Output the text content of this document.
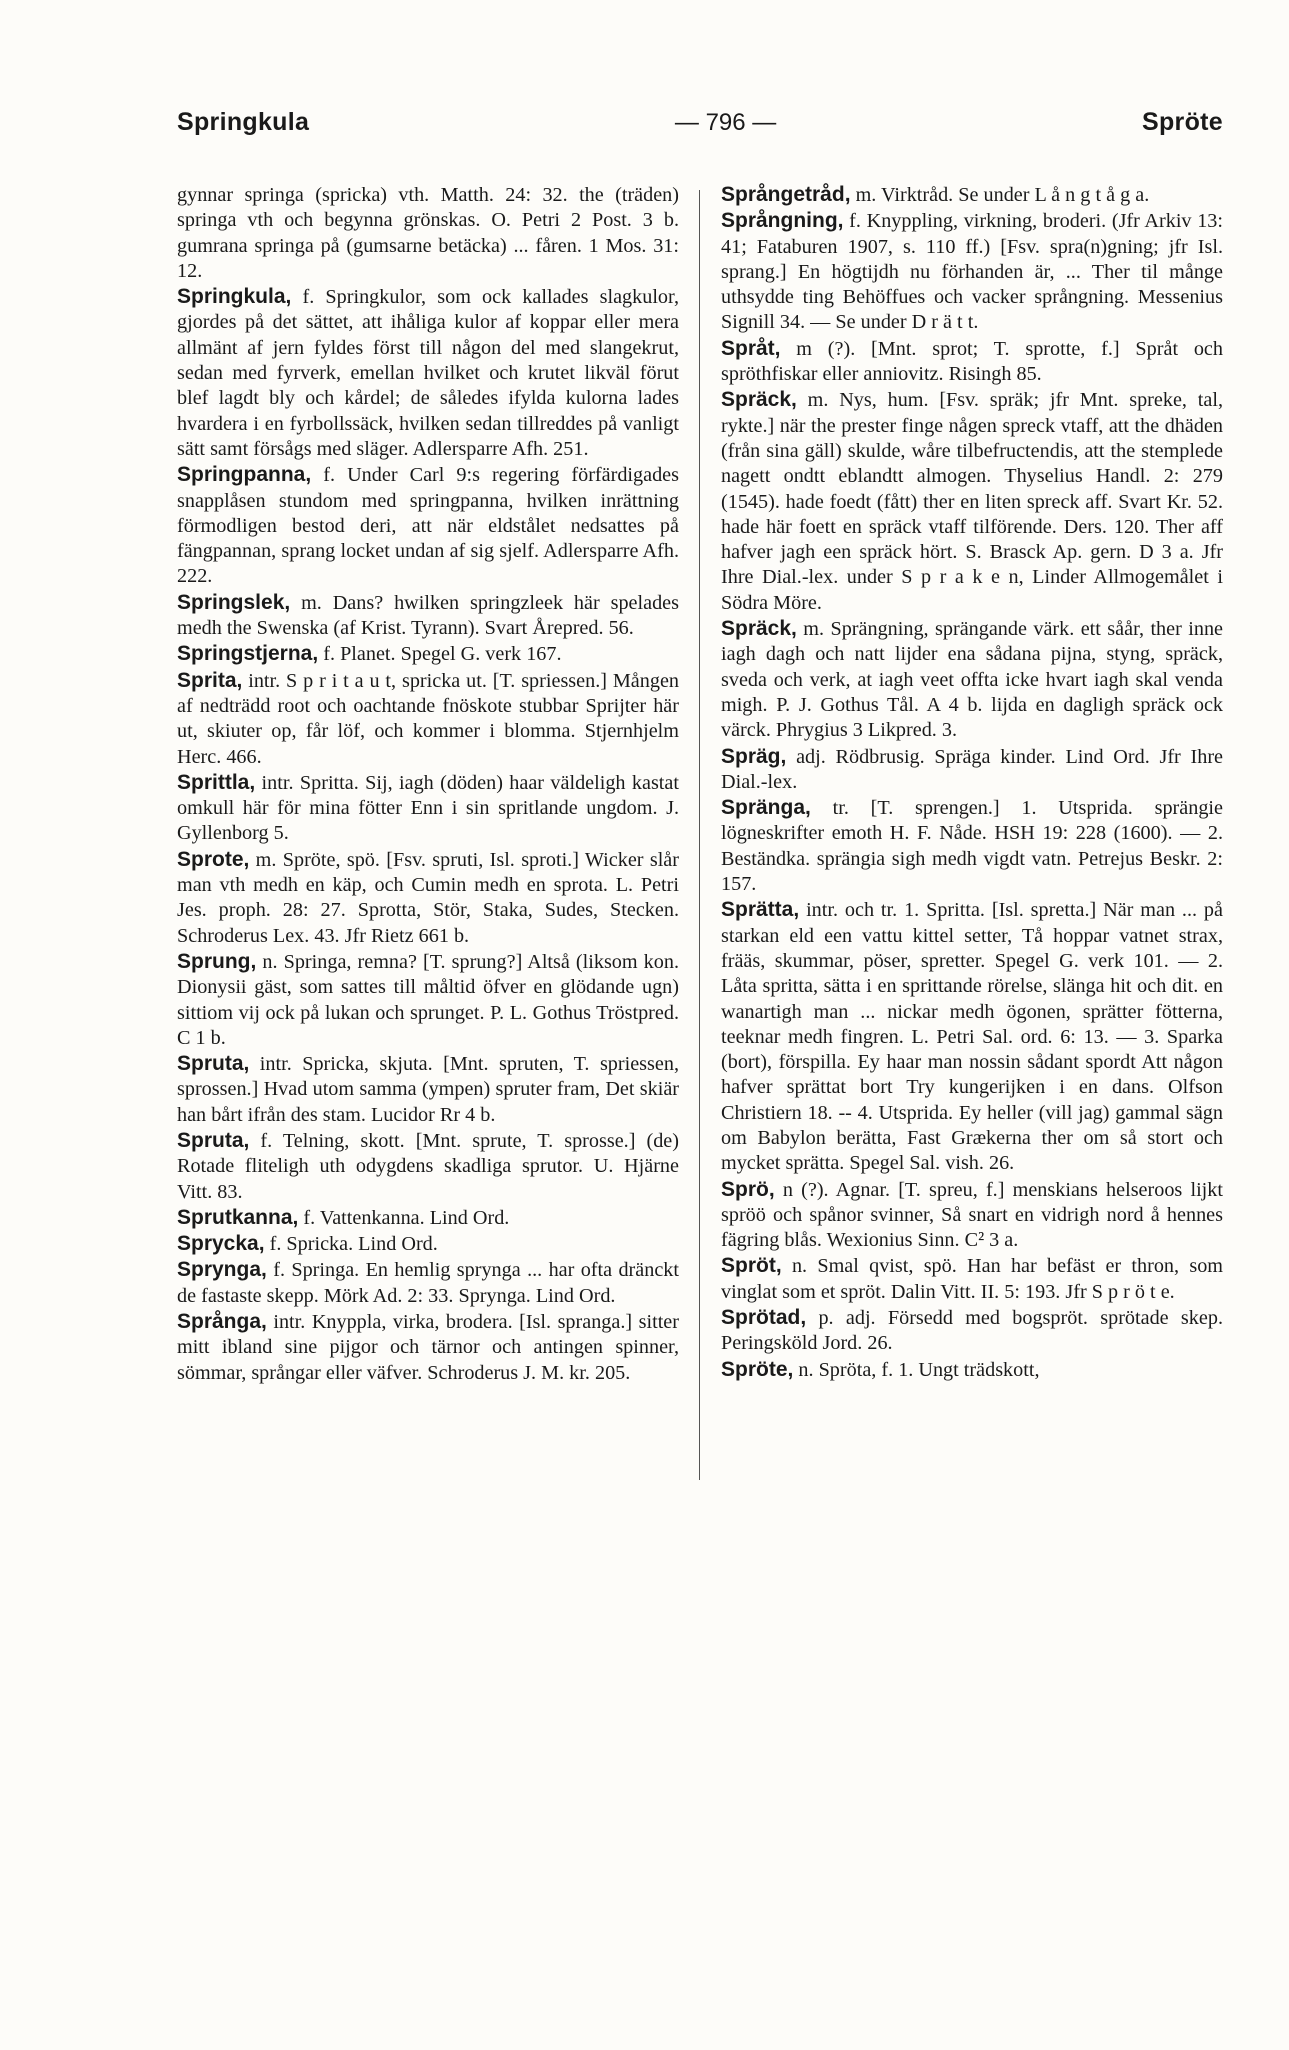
Springkula	— 796 —	Spröte

gynnar springa (spricka) vth. Matth. 24: 32. the (träden) springa vth och begynna grönskas. O. Petri 2 Post. 3 b. gumrana springa på (gumsarne betäcka) ... fåren. 1 Mos. 31: 12.

Springkula, f. Springkulor, som ock kallades slagkulor, gjordes på det sättet, att ihåliga kulor af koppar eller mera allmänt af jern fyldes först till någon del med slangekrut, sedan med fyrverk, emellan hvilket och krutet likväl förut blef lagdt bly och kårdel; de således ifylda kulorna lades hvardera i en fyrbollssäck, hvilken sedan tillreddes på vanligt sätt samt försågs med släger. Adlersparre Afh. 251.

Springpanna, f. Under Carl 9:s regering förfärdigades snapplåsen stundom med springpanna, hvilken inrättning förmodligen bestod deri, att när eldstålet nedsattes på fängpannan, sprang locket undan af sig sjelf. Adlersparre Afh. 222.

Springslek, m. Dans? hwilken springzleek här spelades medh the Swenska (af Krist. Tyrann). Svart Årepred. 56.

Springstjerna, f. Planet. Spegel G. verk 167.

Sprita, intr. S p r i t a u t, spricka ut. [T. spriessen.] Mången af nedträdd root och oachtande fnöskote stubbar Sprijter här ut, skiuter op, får löf, och kommer i blomma. Stjernhjelm Herc. 466.

Sprittla, intr. Spritta. Sij, iagh (döden) haar väldeligh kastat omkull här för mina fötter Enn i sin spritlande ungdom. J. Gyllenborg 5.

Sprote, m. Spröte, spö. [Fsv. spruti, Isl. sproti.] Wicker slår man vth medh en käp, och Cumin medh en sprota. L. Petri Jes. proph. 28: 27. Sprotta, Stör, Staka, Sudes, Stecken. Schroderus Lex. 43. Jfr Rietz 661 b.

Sprung, n. Springa, remna? [T. sprung?] Altså (liksom kon. Dionysii gäst, som sattes till måltid öfver en glödande ugn) sittiom vij ock på lukan och sprunget. P. L. Gothus Tröstpred. C 1 b.

Spruta, intr. Spricka, skjuta. [Mnt. spruten, T. spriessen, sprossen.] Hvad utom samma (ympen) spruter fram, Det skiär han bårt ifrån des stam. Lucidor Rr 4 b.

Spruta, f. Telning, skott. [Mnt. sprute, T. sprosse.] (de) Rotade fliteligh uth odygdens skadliga sprutor. U. Hjärne Vitt. 83.

Sprutkanna, f. Vattenkanna. Lind Ord.

Sprycka, f. Spricka. Lind Ord.

Sprynga, f. Springa. En hemlig sprynga ... har ofta dränckt de fastaste skepp. Mörk Ad. 2: 33. Sprynga. Lind Ord.

Språnga, intr. Knyppla, virka, brodera. [Isl. spranga.] sitter mitt ibland sine pijgor och tärnor och antingen spinner, sömmar, språngar eller väfver. Schroderus J. M. kr. 205.

Språngetråd, m. Virktråd. Se under L å n g t å g a.

Språngning, f. Knyppling, virkning, broderi. (Jfr Arkiv 13: 41; Fataburen 1907, s. 110 ff.) [Fsv. spra(n)gning; jfr Isl. sprang.] En högtijdh nu förhanden är, ... Ther til månge uthsydde ting Behöffues och vacker språngning. Messenius Signill 34. — Se under D r ä t t.

Språt, m (?). [Mnt. sprot; T. sprotte, f.] Språt och spröthfiskar eller anniovitz. Risingh 85.

Spräck, m. Nys, hum. [Fsv. spräk; jfr Mnt. spreke, tal, rykte.] när the prester finge någen spreck vtaff, att the dhäden (från sina gäll) skulde, wåre tilbefructendis, att the stemplede nagett ondtt eblandtt almogen. Thyselius Handl. 2: 279 (1545). hade foedt (fått) ther en liten spreck aff. Svart Kr. 52. hade här foett en spräck vtaff tilförende. Ders. 120. Ther aff hafver jagh een spräck hört. S. Brasck Ap. gern. D 3 a. Jfr Ihre Dial.-lex. under S p r a k e n, Linder Allmogemålet i Södra Möre.

Spräck, m. Sprängning, sprängande värk. ett såår, ther inne iagh dagh och natt lijder ena sådana pijna, styng, spräck, sveda och verk, at iagh veet offta icke hvart iagh skal venda migh. P. J. Gothus Tål. A 4 b. lijda en dagligh spräck ock värck. Phrygius 3 Likpred. 3.

Spräg, adj. Rödbrusig. Spräga kinder. Lind Ord. Jfr Ihre Dial.-lex.

Spränga, tr. [T. sprengen.] 1. Utsprida. sprängie lögneskrifter emoth H. F. Nåde. HSH 19: 228 (1600). — 2. Beständka. sprängia sigh medh vigdt vatn. Petrejus Beskr. 2: 157.

Sprätta, intr. och tr. 1. Spritta. [Isl. spretta.] När man ... på starkan eld een vattu kittel setter, Tå hoppar vatnet strax, frääs, skummar, pöser, spretter. Spegel G. verk 101. — 2. Låta spritta, sätta i en sprittande rörelse, slänga hit och dit. en wanartigh man ... nickar medh ögonen, sprätter fötterna, teeknar medh fingren. L. Petri Sal. ord. 6: 13. — 3. Sparka (bort), förspilla. Ey haar man nossin sådant spordt Att någon hafver sprättat bort Try kungerijken i en dans. Olfson Christiern 18. -- 4. Utsprida. Ey heller (vill jag) gammal sägn om Babylon berätta, Fast Grækerna ther om så stort och mycket sprätta. Spegel Sal. vish. 26.

Sprö, n (?). Agnar. [T. spreu, f.] menskians helseroos lijkt spröö och spånor svinner, Så snart en vidrigh nord å hennes fägring blås. Wexionius Sinn. C² 3 a.

Spröt, n. Smal qvist, spö. Han har befäst er thron, som vinglat som et spröt. Dalin Vitt. II. 5: 193. Jfr S p r ö t e.

Sprötad, p. adj. Försedd med bogspröt. sprötade skep. Peringsköld Jord. 26.

Spröte, n. Spröta, f. 1. Ungt trädskott,
